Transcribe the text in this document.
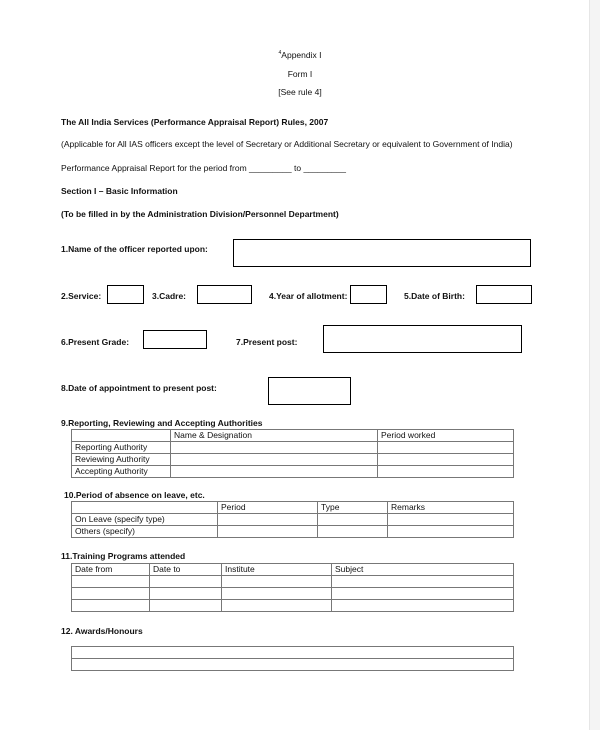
$^4$Appendix I
Form I
[See rule 4]
The All India Services (Performance Appraisal Report) Rules, 2007
(Applicable for All IAS officers except the level of Secretary or Additional Secretary or equivalent to Government of India)
Performance Appraisal Report for the period from _________ to _________
Section I – Basic Information
(To be filled in by the Administration Division/Personnel Department)
1.Name of the officer reported upon:
2.Service:	3.Cadre:	4.Year of allotment:	5.Date of Birth:
6.Present Grade:	7.Present post:
8.Date of appointment to present post:
9.Reporting, Reviewing and Accepting Authorities
	Name & Designation	Period worked
Reporting Authority		
Reviewing Authority		
Accepting Authority		
10.Period of absence on leave, etc.
	Period	Type	Remarks
On Leave (specify type)			
Others (specify)			
11.Training Programs attended
Date from	Date to	Institute	Subject

12. Awards/Honours
